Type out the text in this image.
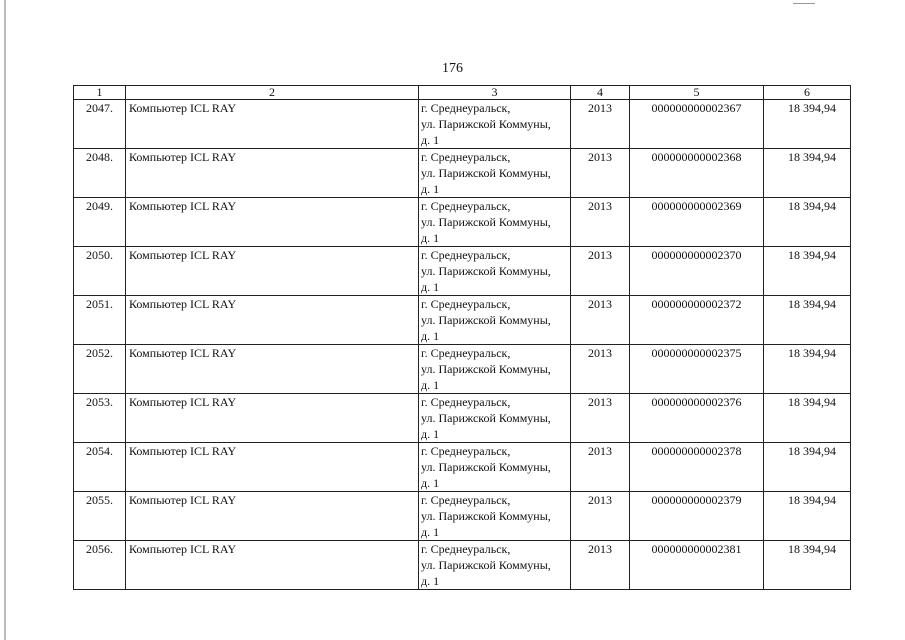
176
1	2	3	4	5	6
2047.	Компьютер ICL RAY	г. Среднеуральск,
ул. Парижской Коммуны,
д. 1	2013	000000000002367	18 394,94
2048.	Компьютер ICL RAY	г. Среднеуральск,
ул. Парижской Коммуны,
д. 1	2013	000000000002368	18 394,94
2049.	Компьютер ICL RAY	г. Среднеуральск,
ул. Парижской Коммуны,
д. 1	2013	000000000002369	18 394,94
2050.	Компьютер ICL RAY	г. Среднеуральск,
ул. Парижской Коммуны,
д. 1	2013	000000000002370	18 394,94
2051.	Компьютер ICL RAY	г. Среднеуральск,
ул. Парижской Коммуны,
д. 1	2013	000000000002372	18 394,94
2052.	Компьютер ICL RAY	г. Среднеуральск,
ул. Парижской Коммуны,
д. 1	2013	000000000002375	18 394,94
2053.	Компьютер ICL RAY	г. Среднеуральск,
ул. Парижской Коммуны,
д. 1	2013	000000000002376	18 394,94
2054.	Компьютер ICL RAY	г. Среднеуральск,
ул. Парижской Коммуны,
д. 1	2013	000000000002378	18 394,94
2055.	Компьютер ICL RAY	г. Среднеуральск,
ул. Парижской Коммуны,
д. 1	2013	000000000002379	18 394,94
2056.	Компьютер ICL RAY	г. Среднеуральск,
ул. Парижской Коммуны,
д. 1	2013	000000000002381	18 394,94
